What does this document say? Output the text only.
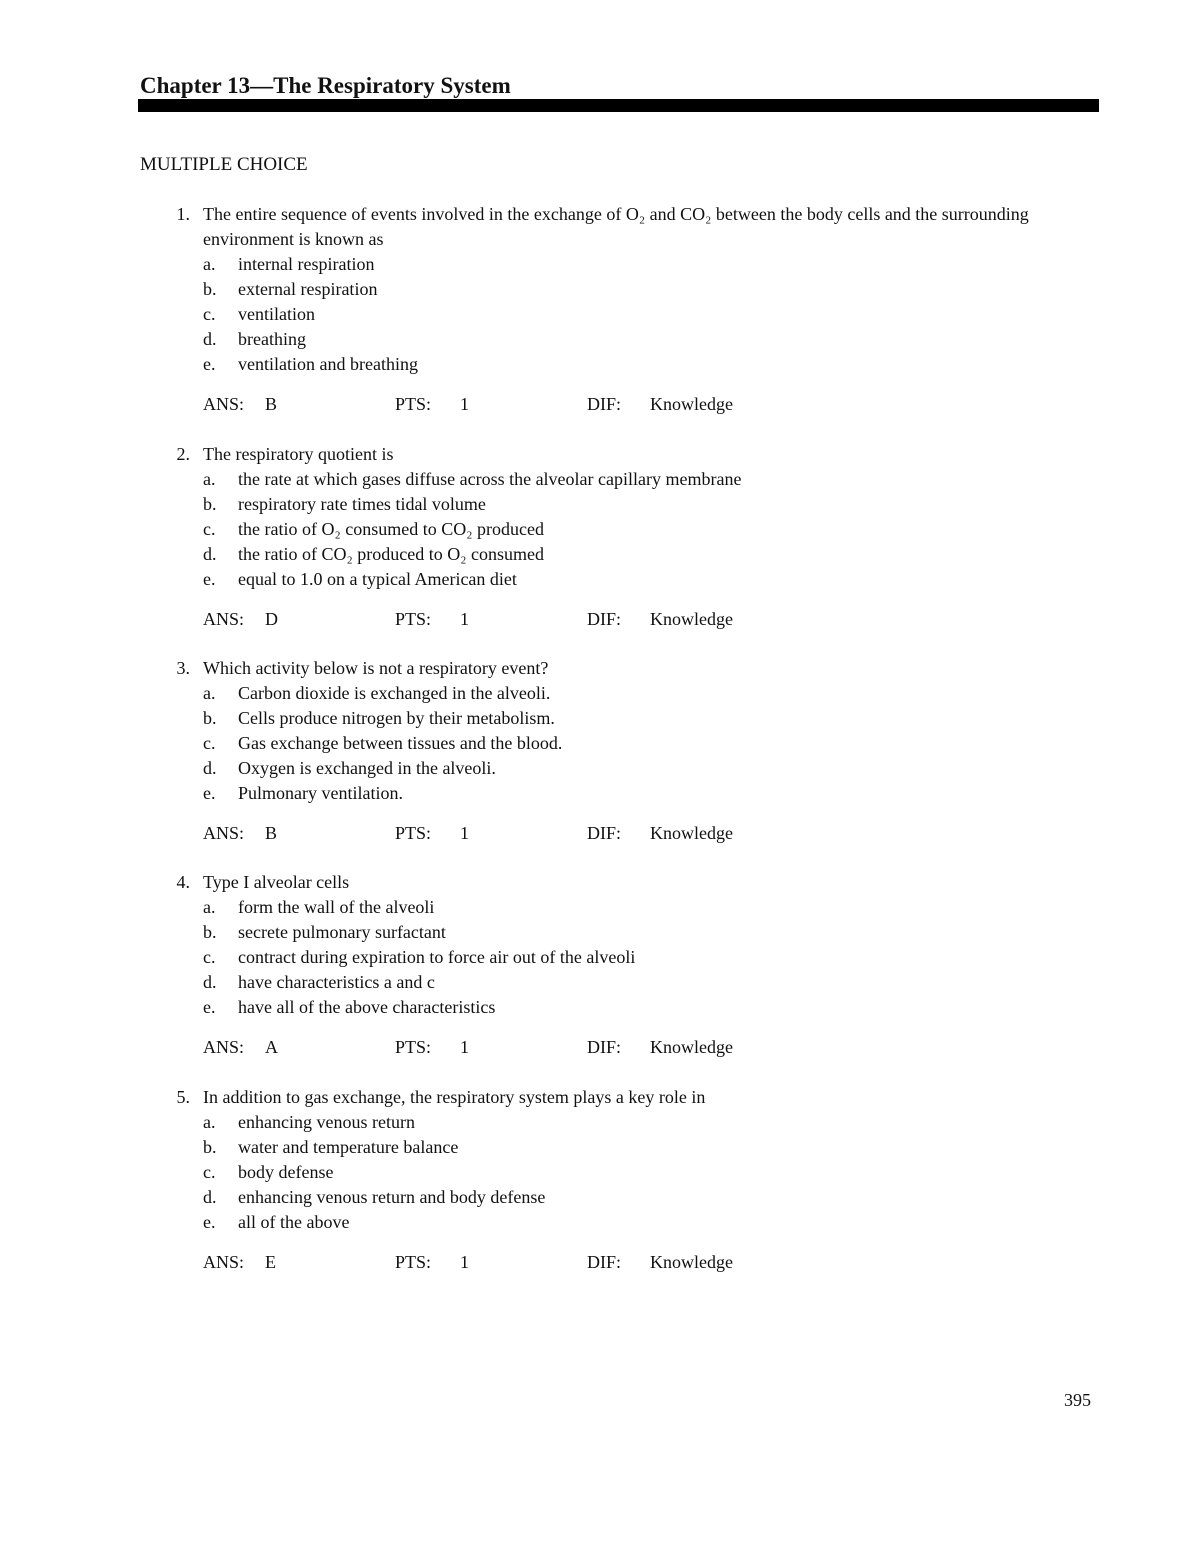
Chapter 13—The Respiratory System
MULTIPLE CHOICE
1. The entire sequence of events involved in the exchange of O₂ and CO₂ between the body cells and the surrounding environment is known as
a. internal respiration
b. external respiration
c. ventilation
d. breathing
e. ventilation and breathing
ANS: B	PTS: 1	DIF: Knowledge
2. The respiratory quotient is
a. the rate at which gases diffuse across the alveolar capillary membrane
b. respiratory rate times tidal volume
c. the ratio of O₂ consumed to CO₂ produced
d. the ratio of CO₂ produced to O₂ consumed
e. equal to 1.0 on a typical American diet
ANS: D	PTS: 1	DIF: Knowledge
3. Which activity below is not a respiratory event?
a. Carbon dioxide is exchanged in the alveoli.
b. Cells produce nitrogen by their metabolism.
c. Gas exchange between tissues and the blood.
d. Oxygen is exchanged in the alveoli.
e. Pulmonary ventilation.
ANS: B	PTS: 1	DIF: Knowledge
4. Type I alveolar cells
a. form the wall of the alveoli
b. secrete pulmonary surfactant
c. contract during expiration to force air out of the alveoli
d. have characteristics a and c
e. have all of the above characteristics
ANS: A	PTS: 1	DIF: Knowledge
5. In addition to gas exchange, the respiratory system plays a key role in
a. enhancing venous return
b. water and temperature balance
c. body defense
d. enhancing venous return and body defense
e. all of the above
ANS: E	PTS: 1	DIF: Knowledge
395
